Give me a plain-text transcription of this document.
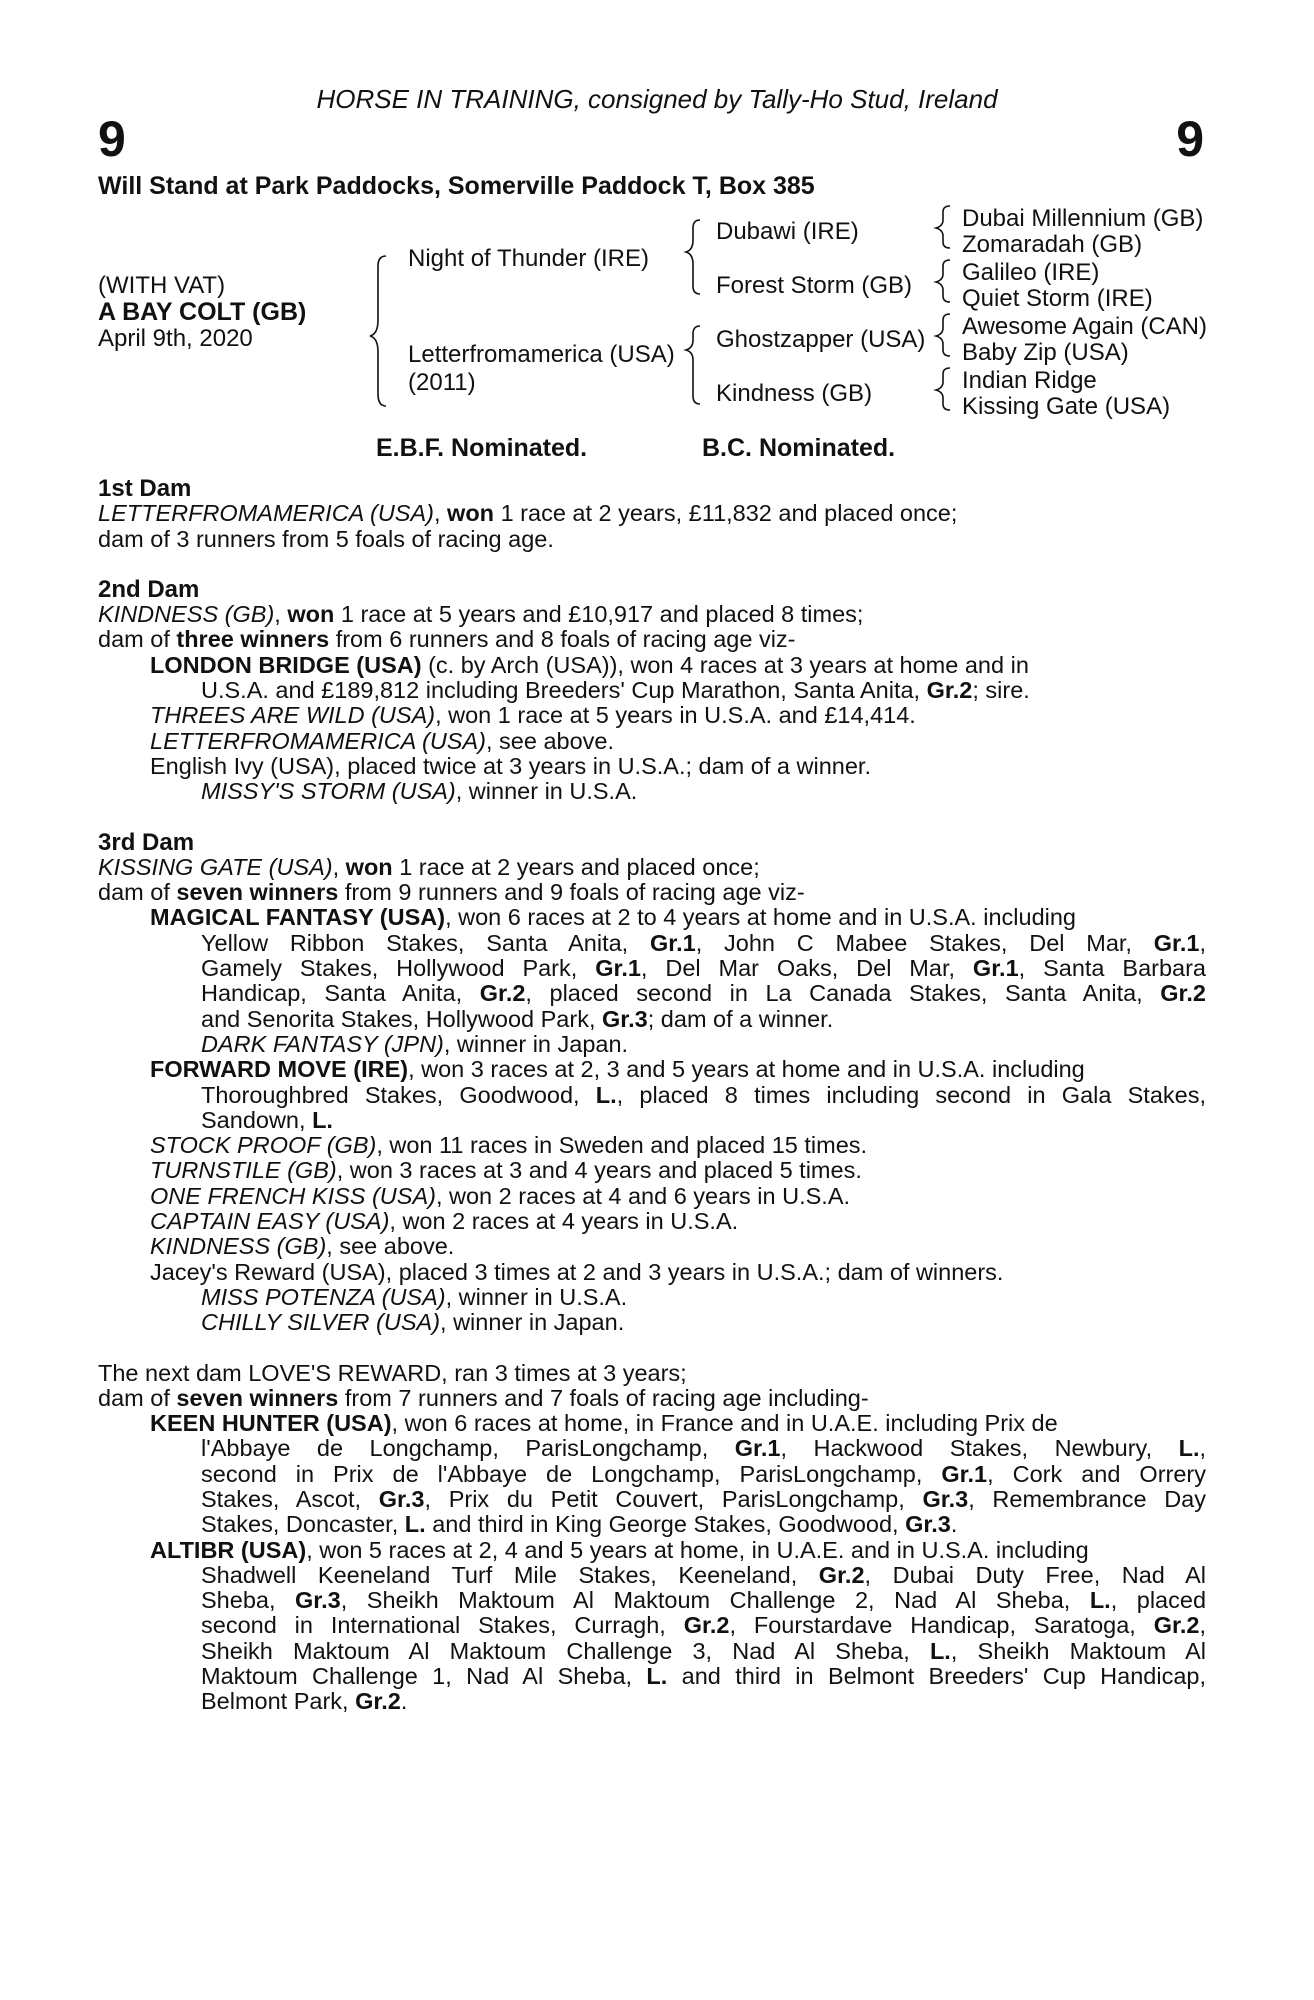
HORSE IN TRAINING, consigned by Tally-Ho Stud, Ireland
9	9
Will Stand at Park Paddocks, Somerville Paddock T, Box 385
(WITH VAT)
A BAY COLT (GB)
April 9th, 2020
Night of Thunder (IRE)
Letterfromamerica (USA)
(2011)
Dubawi (IRE)
Forest Storm (GB)
Ghostzapper (USA)
Kindness (GB)
Dubai Millennium (GB)
Zomaradah (GB)
Galileo (IRE)
Quiet Storm (IRE)
Awesome Again (CAN)
Baby Zip (USA)
Indian Ridge
Kissing Gate (USA)
E.B.F. Nominated.	B.C. Nominated.
1st Dam
LETTERFROMAMERICA (USA), won 1 race at 2 years, £11,832 and placed once;
dam of 3 runners from 5 foals of racing age.
2nd Dam
KINDNESS (GB), won 1 race at 5 years and £10,917 and placed 8 times;
dam of three winners from 6 runners and 8 foals of racing age viz-
LONDON BRIDGE (USA) (c. by Arch (USA)), won 4 races at 3 years at home and in
U.S.A. and £189,812 including Breeders' Cup Marathon, Santa Anita, Gr.2; sire.
THREES ARE WILD (USA), won 1 race at 5 years in U.S.A. and £14,414.
LETTERFROMAMERICA (USA), see above.
English Ivy (USA), placed twice at 3 years in U.S.A.; dam of a winner.
MISSY'S STORM (USA), winner in U.S.A.
3rd Dam
KISSING GATE (USA), won 1 race at 2 years and placed once;
dam of seven winners from 9 runners and 9 foals of racing age viz-
MAGICAL FANTASY (USA), won 6 races at 2 to 4 years at home and in U.S.A. including
Yellow Ribbon Stakes, Santa Anita, Gr.1, John C Mabee Stakes, Del Mar, Gr.1,
Gamely Stakes, Hollywood Park, Gr.1, Del Mar Oaks, Del Mar, Gr.1, Santa Barbara
Handicap, Santa Anita, Gr.2, placed second in La Canada Stakes, Santa Anita, Gr.2
and Senorita Stakes, Hollywood Park, Gr.3; dam of a winner.
DARK FANTASY (JPN), winner in Japan.
FORWARD MOVE (IRE), won 3 races at 2, 3 and 5 years at home and in U.S.A. including
Thoroughbred Stakes, Goodwood, L., placed 8 times including second in Gala Stakes,
Sandown, L.
STOCK PROOF (GB), won 11 races in Sweden and placed 15 times.
TURNSTILE (GB), won 3 races at 3 and 4 years and placed 5 times.
ONE FRENCH KISS (USA), won 2 races at 4 and 6 years in U.S.A.
CAPTAIN EASY (USA), won 2 races at 4 years in U.S.A.
KINDNESS (GB), see above.
Jacey's Reward (USA), placed 3 times at 2 and 3 years in U.S.A.; dam of winners.
MISS POTENZA (USA), winner in U.S.A.
CHILLY SILVER (USA), winner in Japan.
The next dam LOVE'S REWARD, ran 3 times at 3 years;
dam of seven winners from 7 runners and 7 foals of racing age including-
KEEN HUNTER (USA), won 6 races at home, in France and in U.A.E. including Prix de
l'Abbaye de Longchamp, ParisLongchamp, Gr.1, Hackwood Stakes, Newbury, L.,
second in Prix de l'Abbaye de Longchamp, ParisLongchamp, Gr.1, Cork and Orrery
Stakes, Ascot, Gr.3, Prix du Petit Couvert, ParisLongchamp, Gr.3, Remembrance Day
Stakes, Doncaster, L. and third in King George Stakes, Goodwood, Gr.3.
ALTIBR (USA), won 5 races at 2, 4 and 5 years at home, in U.A.E. and in U.S.A. including
Shadwell Keeneland Turf Mile Stakes, Keeneland, Gr.2, Dubai Duty Free, Nad Al
Sheba, Gr.3, Sheikh Maktoum Al Maktoum Challenge 2, Nad Al Sheba, L., placed
second in International Stakes, Curragh, Gr.2, Fourstardave Handicap, Saratoga, Gr.2,
Sheikh Maktoum Al Maktoum Challenge 3, Nad Al Sheba, L., Sheikh Maktoum Al
Maktoum Challenge 1, Nad Al Sheba, L. and third in Belmont Breeders' Cup Handicap,
Belmont Park, Gr.2.
